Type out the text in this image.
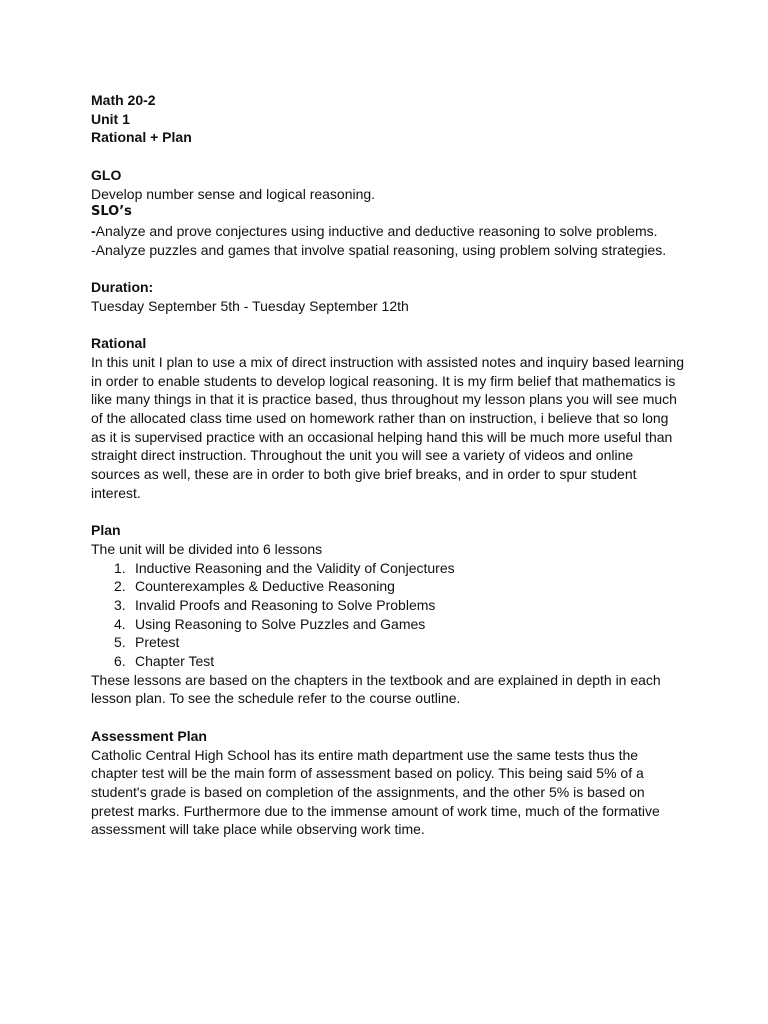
Math 20-2
Unit 1
Rational + Plan
GLO
Develop number sense and logical reasoning.
SLO’s
-Analyze and prove conjectures using inductive and deductive reasoning to solve problems.
-Analyze puzzles and games that involve spatial reasoning, using problem solving strategies.
Duration:
Tuesday September 5th - Tuesday September 12th
Rational
In this unit I plan to use a mix of direct instruction with assisted notes and inquiry based learning
in order to enable students to develop logical reasoning. It is my firm belief that mathematics is
like many things in that it is practice based, thus throughout my lesson plans you will see much
of the allocated class time used on homework rather than on instruction, i believe that so long
as it is supervised practice with an occasional helping hand this will be much more useful than
straight direct instruction. Throughout the unit you will see a variety of videos and online
sources as well, these are in order to both give brief breaks, and in order to spur student
interest.
Plan
The unit will be divided into 6 lessons
1. Inductive Reasoning and the Validity of Conjectures
2. Counterexamples & Deductive Reasoning
3. Invalid Proofs and Reasoning to Solve Problems
4. Using Reasoning to Solve Puzzles and Games
5. Pretest
6. Chapter Test
These lessons are based on the chapters in the textbook and are explained in depth in each
lesson plan. To see the schedule refer to the course outline.
Assessment Plan
Catholic Central High School has its entire math department use the same tests thus the
chapter test will be the main form of assessment based on policy. This being said 5% of a
student's grade is based on completion of the assignments, and the other 5% is based on
pretest marks. Furthermore due to the immense amount of work time, much of the formative
assessment will take place while observing work time.
